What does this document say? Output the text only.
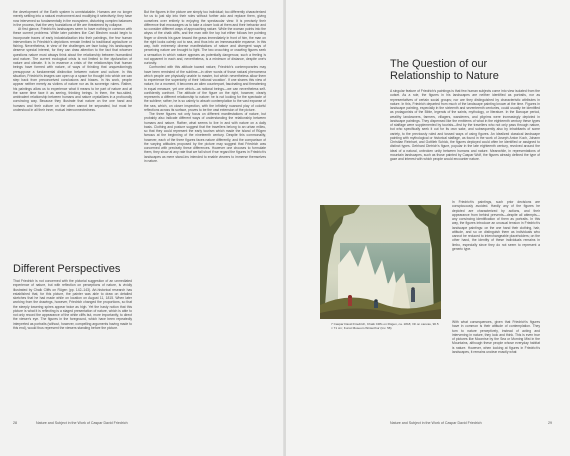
the development of the Earth system is unmistakable. Humans are no longer merely settling into a natural environment and modifying it selectively; they have now intervened so fundamentally in the ecosystem, disturbing complex balances in the process, that the very foundations of life are threatened by collapse.

At first glance, Friedrich's landscapes seem to have nothing in common with these current problems. While later painters like Carl Blechen would begin to incorporate traces of early industrialization into their paintings, the few human interventions in Friedrich's depictions remain limited to traditional agriculture or fishing. Nevertheless, in view of the challenges we face today, his landscapes deserve special interest, for they can draw attention to the fact that whoever questions nature must always think about the relationship between humankind and nature. The current ecological crisis is not limited to the dysfunction of nature and climate. It is in essence a crisis of the relationships that human beings have formed with nature, of ways of thinking that unquestioningly presuppose a fundamental distinction between nature and culture. In this situation, Friedrich's images can open up a space for thought into which we can step back from preconceived conclusions and biases. In his work, people appear neither merely as victims of nature nor as its sovereign rulers. Rather, his paintings allow us to experience what it means to be part of nature and at the same time face it as seeing, thinking beings. In them, the two-sided, ambivalent relationship between humans and nature crystallizes in a profoundly convincing way. Because they illustrate that nature on the one hand and humans and their culture on the other cannot be separated, but must be understood in all their inner, mutual interconnectedness.

Different Perspectives

That Friedrich is not concerned with the pictorial suggestion of an unmediated experience of nature, but with reflection on perceptions of nature, is vividly illustrated by Chalk Cliffs on Rügen (pp. 142–143). Art-historical research has established that, for this picture, the painter was able to draw on detailed sketches that he had made while on location on August 11, 1815. When later working from the drawings, however, Friedrich changed the proportions, so that the steeply towering spires appear twice as high. Yet the hasty notion that this picture is what it is reflecting is a staged presentation of nature, which is able to not only record the appearance of the white cliffs but, more importantly, to direct the viewer's eye. The figures in the foreground, which have been repeatedly interpreted as portraits (without, however, compelling arguments having made to this end), would thus represent the viewers standing before the picture.

But the figures in the picture are simply too individual; too differently characterized for us to just slip into their roles without further ado and replace them, giving ourselves over entirely to enjoying the spectacular view. It is precisely their difference that encourages us to take a closer look at them and their behavior and so consider different ways of approaching nature. While the woman points into the abyss of the chalk cliffs, and the man with the top hat either follows her pointing finger or directs his gaze toward the grass immediately in front of him, the man on the right looks calmly out to sea, and thus into an immeasurable expanse. In this way, both extremely diverse manifestations of nature and divergent ways of perceiving nature are brought to light. The two crouching or crawling figures seek a sensation in which nature appears as potentially dangerous; such a feeling is not apparent in each and, nevertheless, is a minimum of distance, despite one's curiosity.

Confronted with this attitude toward nature, Friedrich's contemporaries may have been reminded of the sublime—in other words of those natural phenomena which people are physically unable to master, but which nevertheless allow them to experience the superiority of their 'rational vocation'. If one shares this view of nature, for a moment, it becomes an alien counterpart, fascinating and threatening in equal measure, yet one which—as rational beings—we can nevertheless self-confidently confront. The attitude of the figure on the right, however, clearly represents a different relationship to nature: he is not looking for the spectacle of the sublime; rather, he is so calmly to absorb contemplation to the vast expanse of the sea, which, on closer inspection, with the infinitely nuanced play of colorful reflections across its surface, proves to be the vast extension of the picture.

The three figures not only focus on different manifestations of nature, but probably also indicate different ways of understanding the relationship between humans and nature. Rather, what seems to live in and with nature on a daily basis. Clothing and posture suggest that the travellers belong to an urban milieu, so that they could represent the early tourism which made the island of Rügen famous at the beginning of the nineteenth century. Despite this commonality, however, each of the three figures faces nature differently, and the comparison of the varying attitudes proposed by the picture may suggest that Friedrich was concerned with precisely these differences. However one chooses to formulate them, they show at any rate that we fall short if we regard the figures in Friedrich's landscapes as mere stand-ins intended to enable viewers to immerse themselves in nature.

28	Nature and Subject in the Work of Caspar David Friedrich
The Question of our Relationship to Nature

A singular feature of Friedrich's paintings is that few human subjects come into view isolated from the outset. As a rule, the figures in his landscapes are neither identified as portraits, nor as representatives of certain social groups; nor are they distinguished by characteristic attributes in nature. In this, Friedrich departed from much of the landscape painting known at the time. Figures in landscape painting, especially in the sixteenth and seventeenth centuries, could usually be identified as protagonists of the Bible, legends of the saints, mythology, or literature. In the Baroque period, wealthy landowners, farmers, villagers, wanderers, and pilgrims were increasingly depicted in landscape paintings. They dispensed like the emblems of what in the eighteenth century these types of staffage were supplemented by tourists—first by the travellers who not only pass through nature, but who specifically seek it out for its own sake, and subsequently also by inhabitants of some variety, to the previously ruled and tossed ways of using figures. An idealized classical landscape painting with mythological or historical staffage, as found in the work of Joseph Anton Koch, Johann Christian Reinhart, and Gottlieb Schick, the figures deployed could often be identified or assigned to distinct types. Gebhard Dietrich's figure, popular in the late eighteenth century, revolved around the ideal of a natural, unbroken unity between humans and nature. Meanwhile, in representations of mountain landscapes, such as those painted by Caspar Wolf, the figures already defined the type of gaze and interest with which people would encounter nature.

In Friedrich's paintings, such prior decisions are conspicuously avoided. Hardly any of the figures he depicted are characterized by actions, and their appearance from behind prevents—despite all attempts—any convincing identification of them as portraits. In this way, the figures introduce an unusual tension in Friedrich's landscape paintings: on the one hand their clothing, hair, attitude, and so on distinguish them as individuals who cannot be reduced to interchangeable placeholders; on the other hand, the identity of these individuals remains in limbo, especially since they do not seem to represent a generic type.

With what consequences, given that Friedrich's figures have in common is their attitude of contemplation. They turn to nature perceptively, instead of acting and intervening in nature, they look and think. This is even true of pictures like Moonrise by the Sea or Morning Mist in the Mountains, although these people whose everyday habitat is nature. However, when looking at figures in Friedrich's landscapes, it remains unclear exactly what

7 Caspar David Friedrich, Chalk Cliffs on Rügen, ca. 1818; Oil on canvas, 90.5 × 71 cm; Kunst Museum Winterthur (Inv. 58)
Nature and Subject in the Work of Caspar David Friedrich	29
